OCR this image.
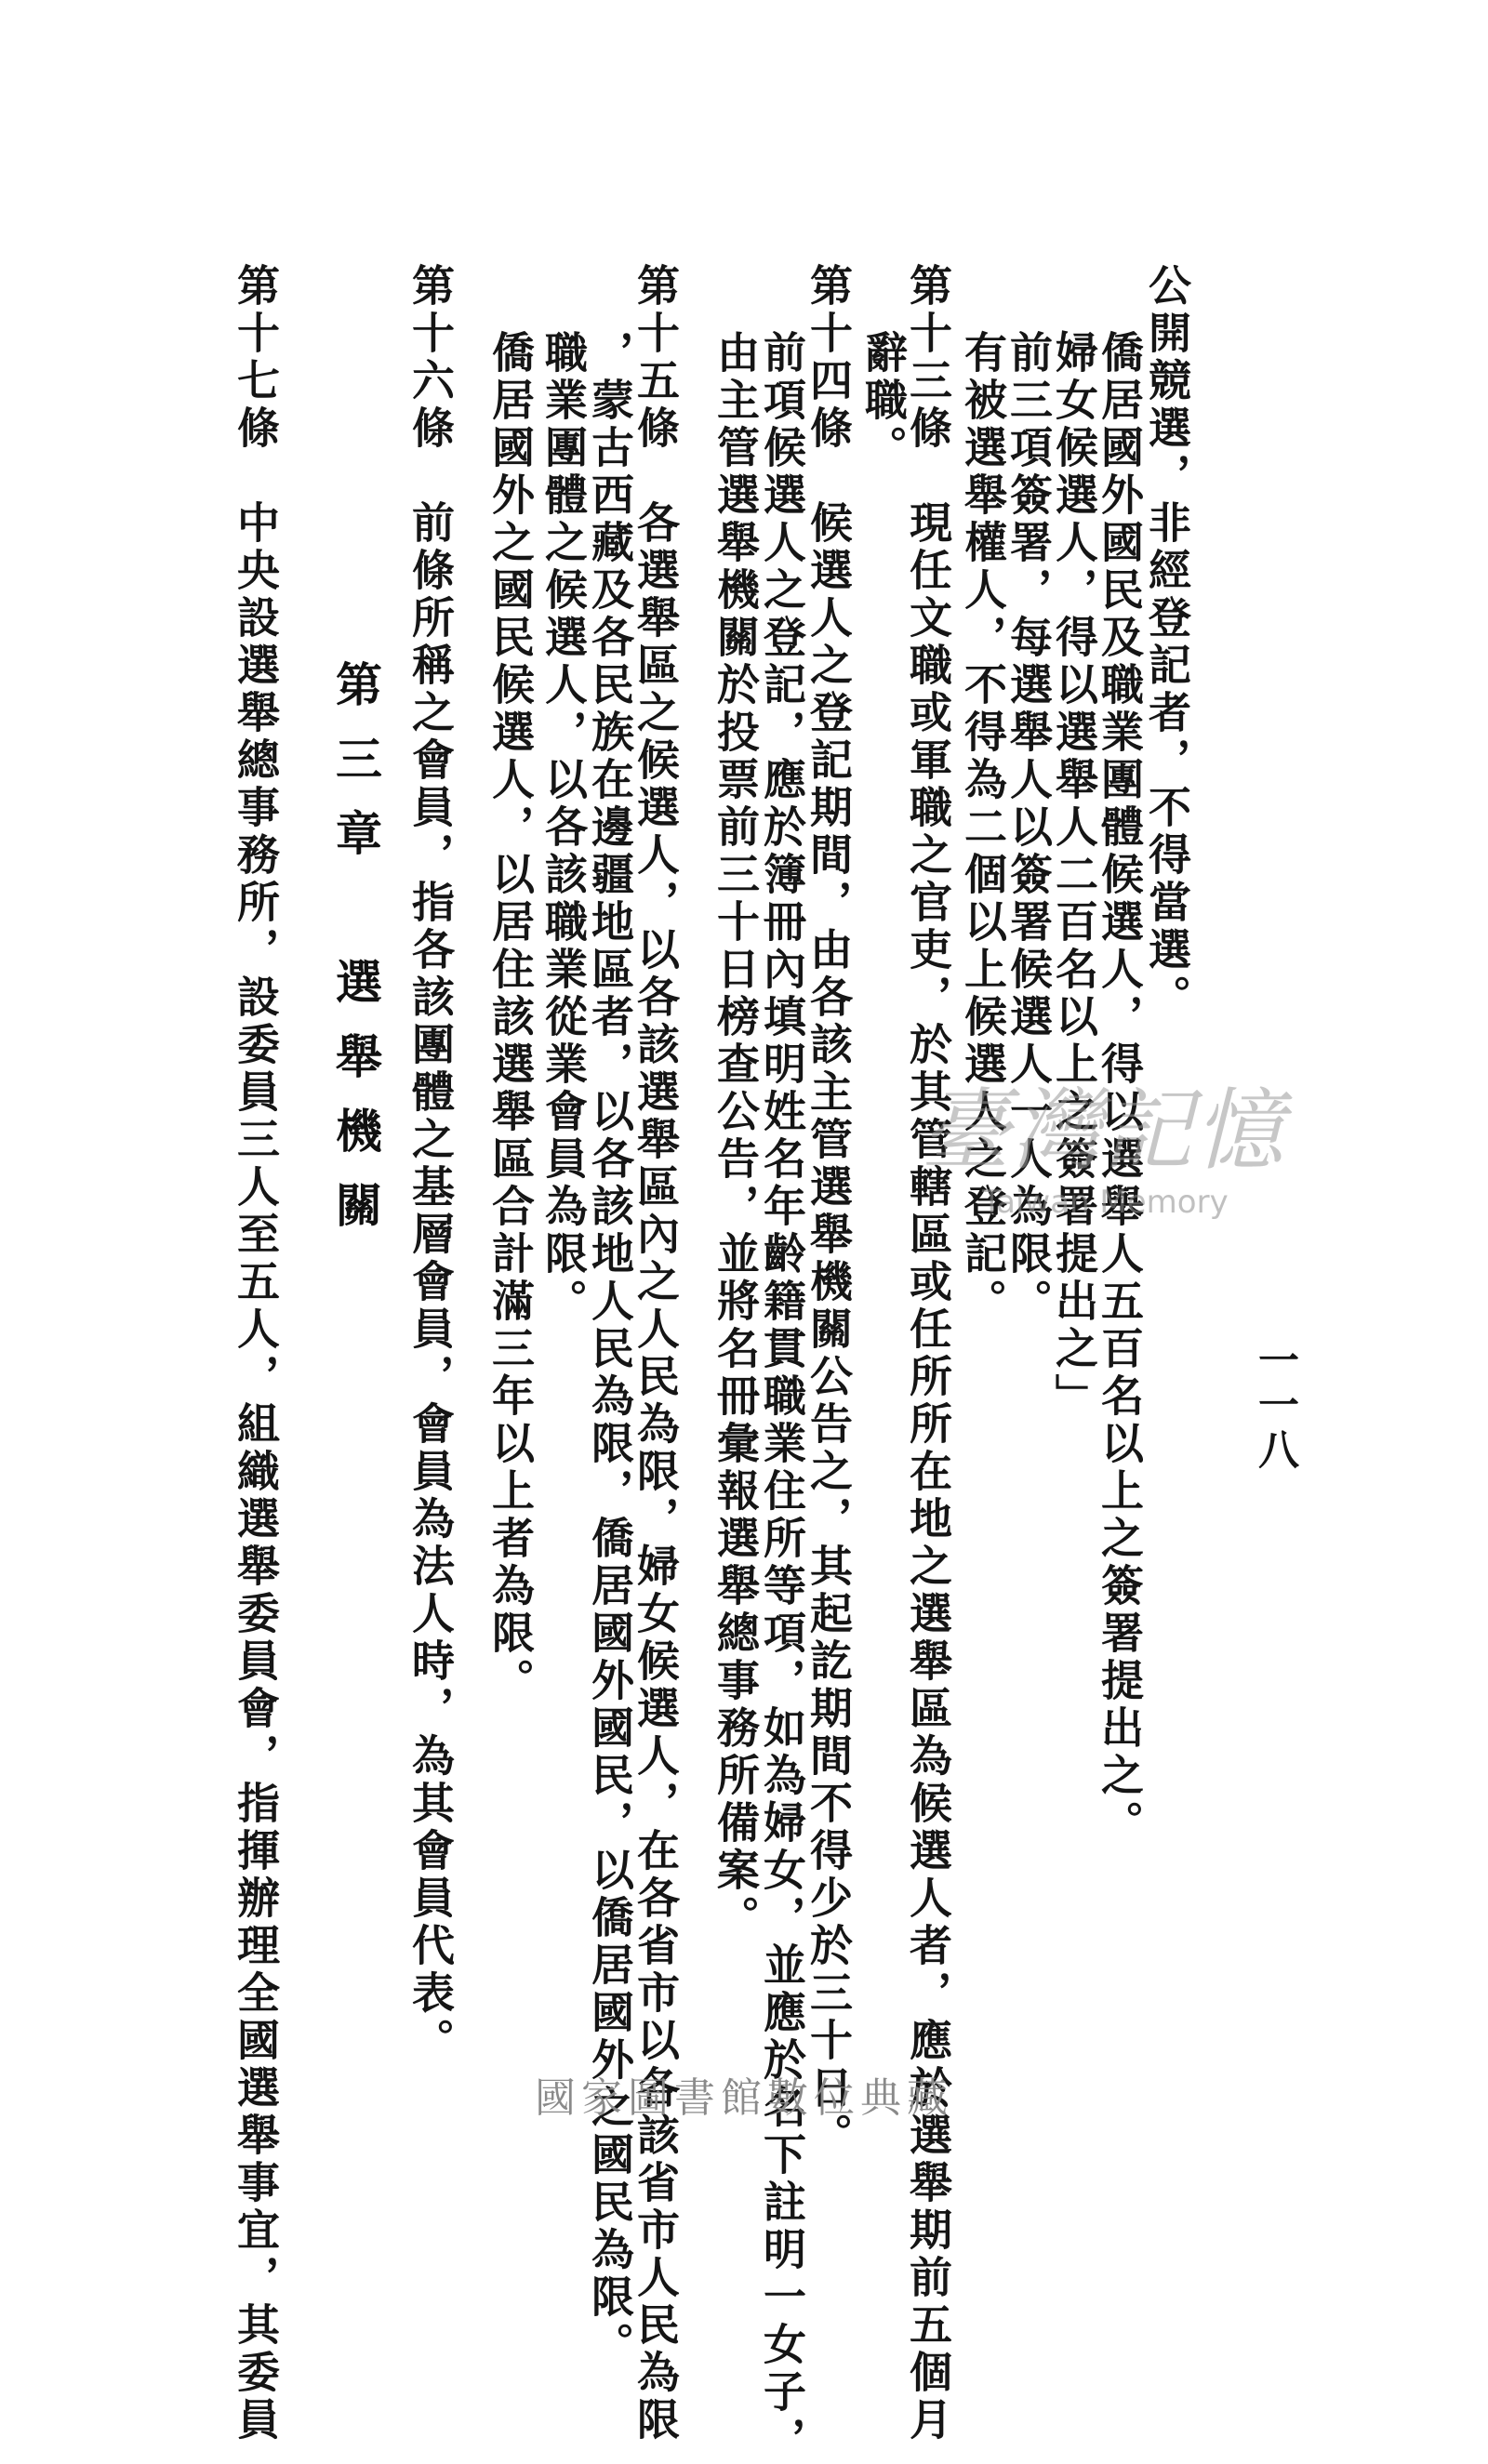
一一八
公開競選，非經登記者，不得當選。
僑居國外國民及職業團體候選人，得以選舉人五百名以上之簽署提出之。
婦女候選人，得以選舉人二百名以上之簽署提出之」
前三項簽署，每選舉人以簽署候選人一人為限。
有被選舉權人，不得為二個以上候選人之登記。
第十三條　現任文職或軍職之官吏，於其管轄區或任所所在地之選舉區為候選人者，應於選舉期前五個月
辭職。
第十四條　候選人之登記期間，由各該主管選舉機關公告之，其起訖期間不得少於三十日。
前項候選人之登記，應於簿冊內填明姓名年齡籍貫職業住所等項，如為婦女，並應於名下註明一女子，
由主管選舉機關於投票前三十日榜查公告，並將名冊彙報選舉總事務所備案。
第十五條　各選舉區之候選人，以各該選舉區內之人民為限，婦女候選人，在各省市以各該省市人民為限
，蒙古西藏及各民族在邊疆地區者，以各該地人民為限，僑居國外國民，以僑居國外之國民為限。
職業團體之候選人，以各該職業從業會員為限。
僑居國外之國民候選人，以居住該選舉區合計滿三年以上者為限。
第十六條　前條所稱之會員，指各該團體之基層會員，會員為法人時，為其會員代表。
第三章　選舉機關
第十七條　中央設選舉總事務所，設委員三人至五人，組織選舉委員會，指揮辦理全國選舉事宜，其委員	臺灣記憶
Taiwan Memory
國家圖書館數位典藏
